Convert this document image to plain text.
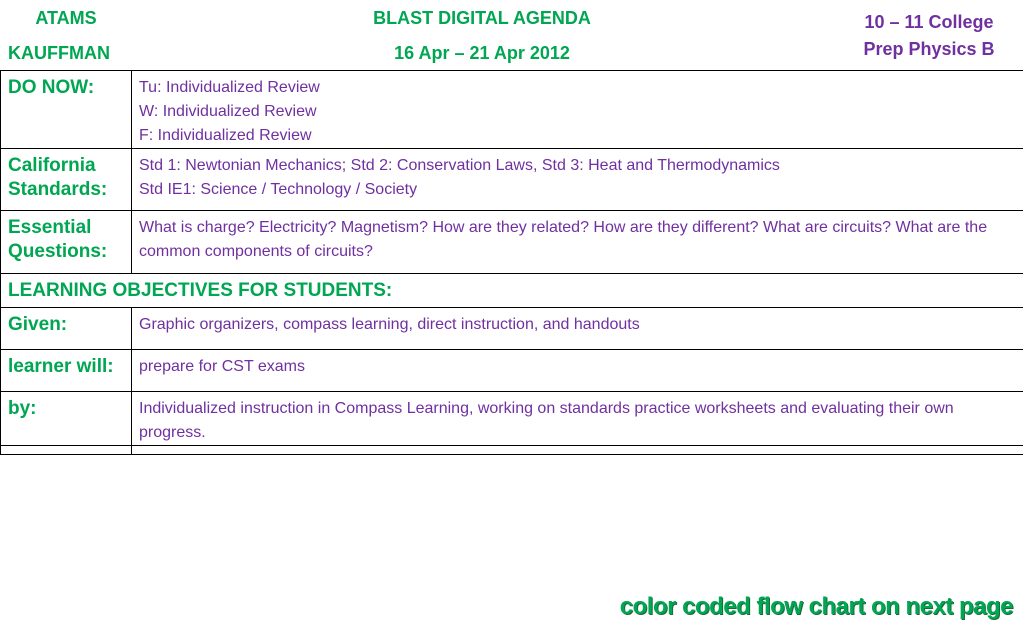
ATAMS
KAUFFMAN
BLAST DIGITAL AGENDA
16 Apr – 21 Apr 2012
10 – 11 College
Prep Physics B
DO NOW:	Tu: Individualized Review
W: Individualized Review
F: Individualized Review

California
Standards:	Std 1: Newtonian Mechanics; Std 2: Conservation Laws, Std 3: Heat and Thermodynamics
Std IE1: Science / Technology / Society

Essential
Questions:	What is charge? Electricity? Magnetism? How are they related? How are they different? What are circuits? What are the common components of circuits?

LEARNING OBJECTIVES FOR STUDENTS:	

Given:	Graphic organizers, compass learning, direct instruction, and handouts

learner will:	prepare for CST exams

by:	Individualized instruction in Compass Learning, working on standards practice worksheets and evaluating their own progress.

color coded flow chart on next page
